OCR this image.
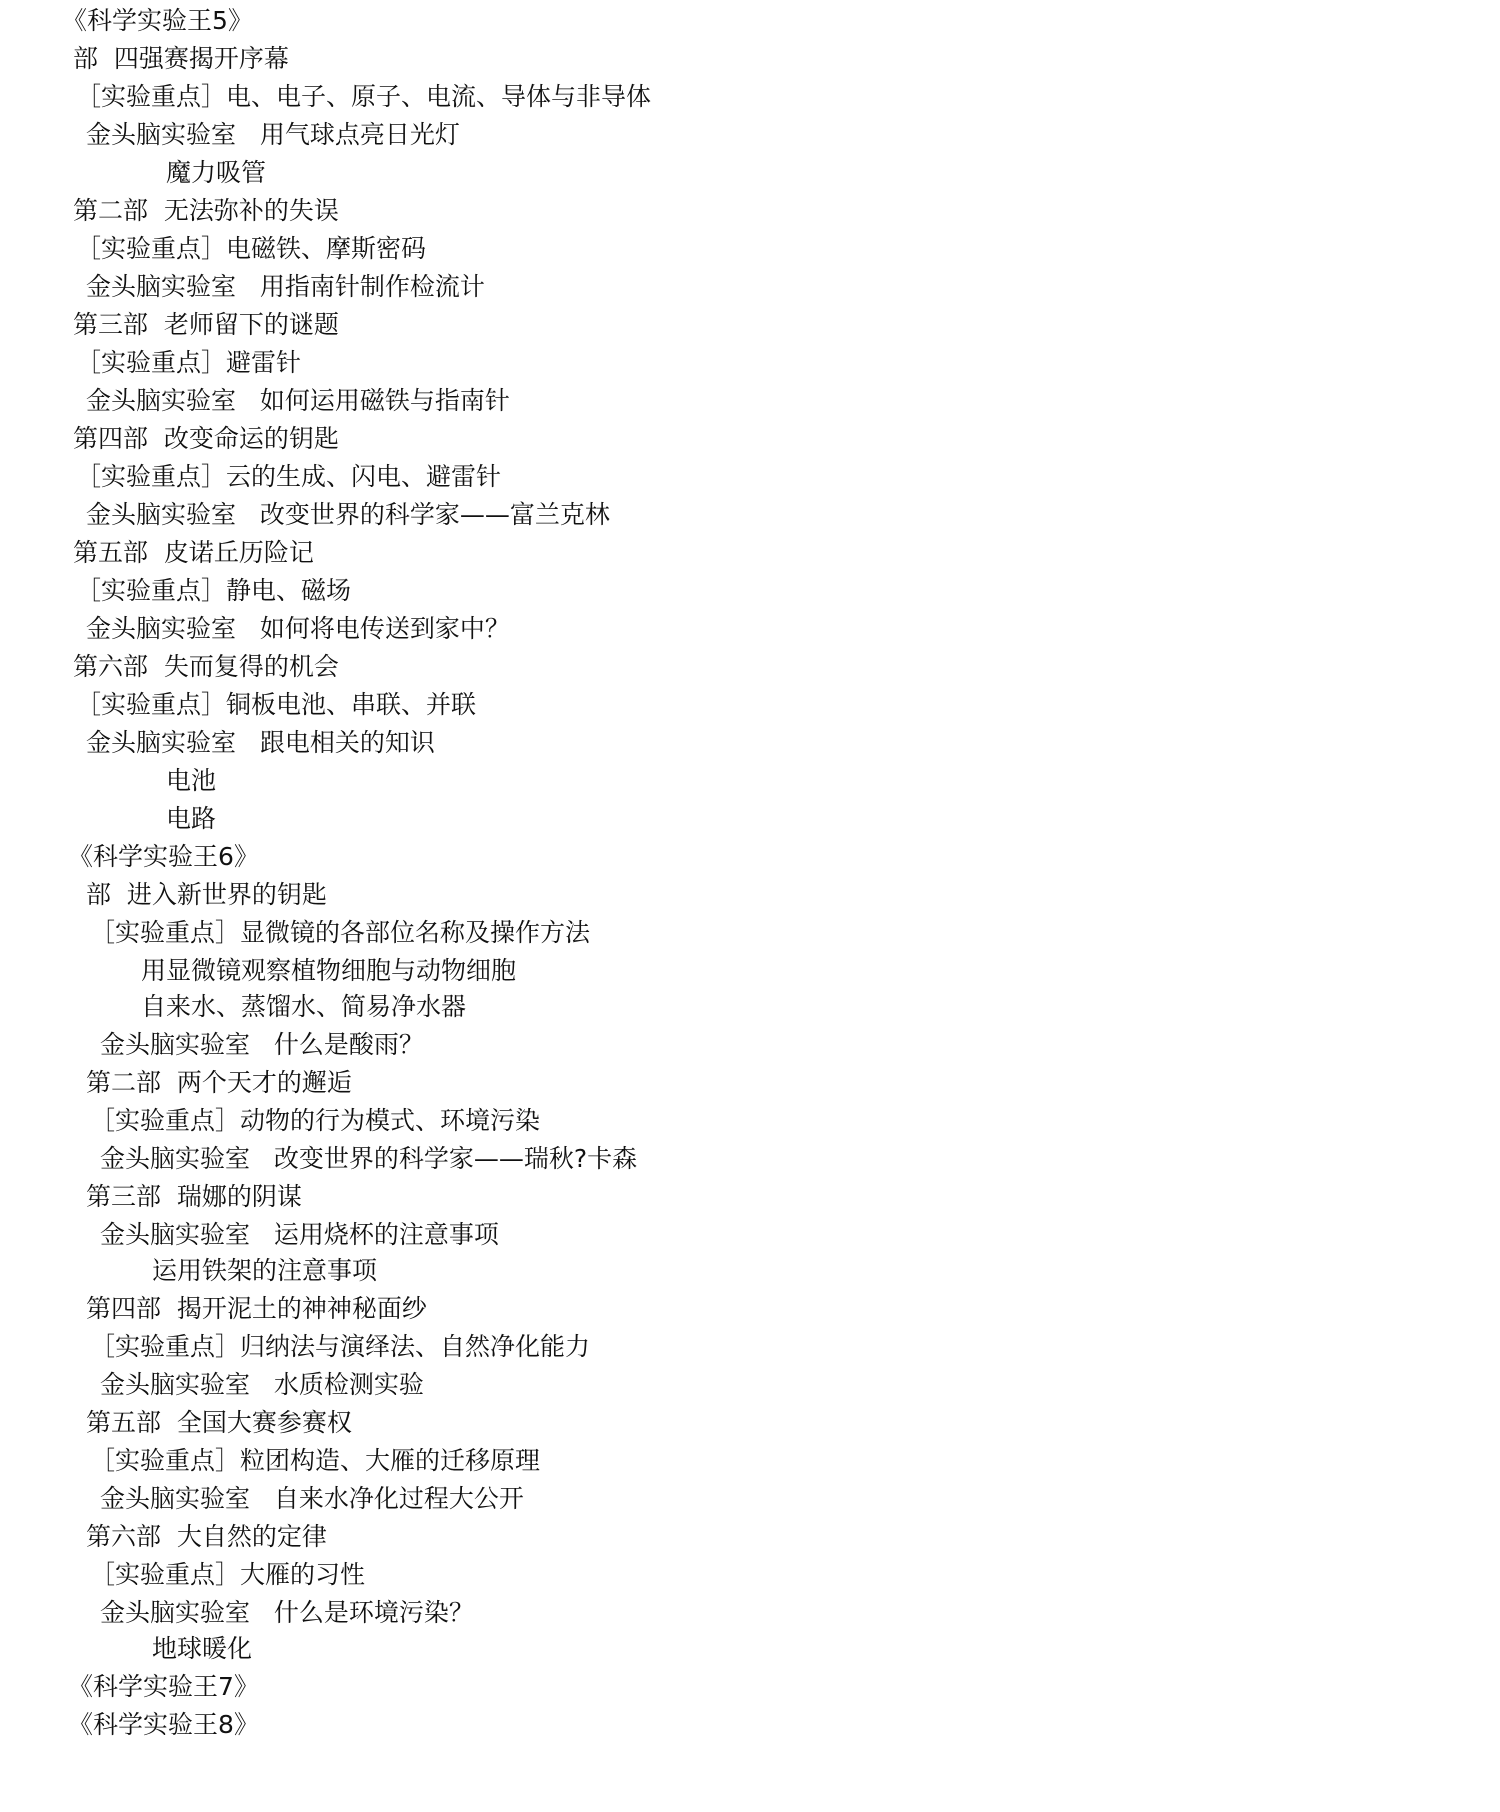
《科学实验王5》

部  四强赛揭开序幕

［实验重点］电、电子、原子、电流、导体与非导体

金头脑实验室   用气球点亮日光灯

魔力吸管

第二部  无法弥补的失误

［实验重点］电磁铁、摩斯密码

金头脑实验室   用指南针制作检流计

第三部  老师留下的谜题

［实验重点］避雷针

金头脑实验室   如何运用磁铁与指南针

第四部  改变命运的钥匙

［实验重点］云的生成、闪电、避雷针

金头脑实验室   改变世界的科学家——富兰克林

第五部  皮诺丘历险记

［实验重点］静电、磁场

金头脑实验室   如何将电传送到家中？

第六部  失而复得的机会

［实验重点］铜板电池、串联、并联

金头脑实验室   跟电相关的知识

电池

电路

《科学实验王6》

部  进入新世界的钥匙

［实验重点］显微镜的各部位名称及操作方法

用显微镜观察植物细胞与动物细胞

自来水、蒸馏水、简易净水器

金头脑实验室   什么是酸雨？

第二部  两个天才的邂逅

［实验重点］动物的行为模式、环境污染

金头脑实验室   改变世界的科学家——瑞秋?卡森

第三部  瑞娜的阴谋

金头脑实验室   运用烧杯的注意事项

运用铁架的注意事项

第四部  揭开泥土的神神秘面纱

［实验重点］归纳法与演绎法、自然净化能力

金头脑实验室   水质检测实验

第五部  全国大赛参赛权

［实验重点］粒团构造、大雁的迁移原理

金头脑实验室   自来水净化过程大公开

第六部  大自然的定律

［实验重点］大雁的习性

金头脑实验室   什么是环境污染？

地球暖化

《科学实验王7》

《科学实验王8》
